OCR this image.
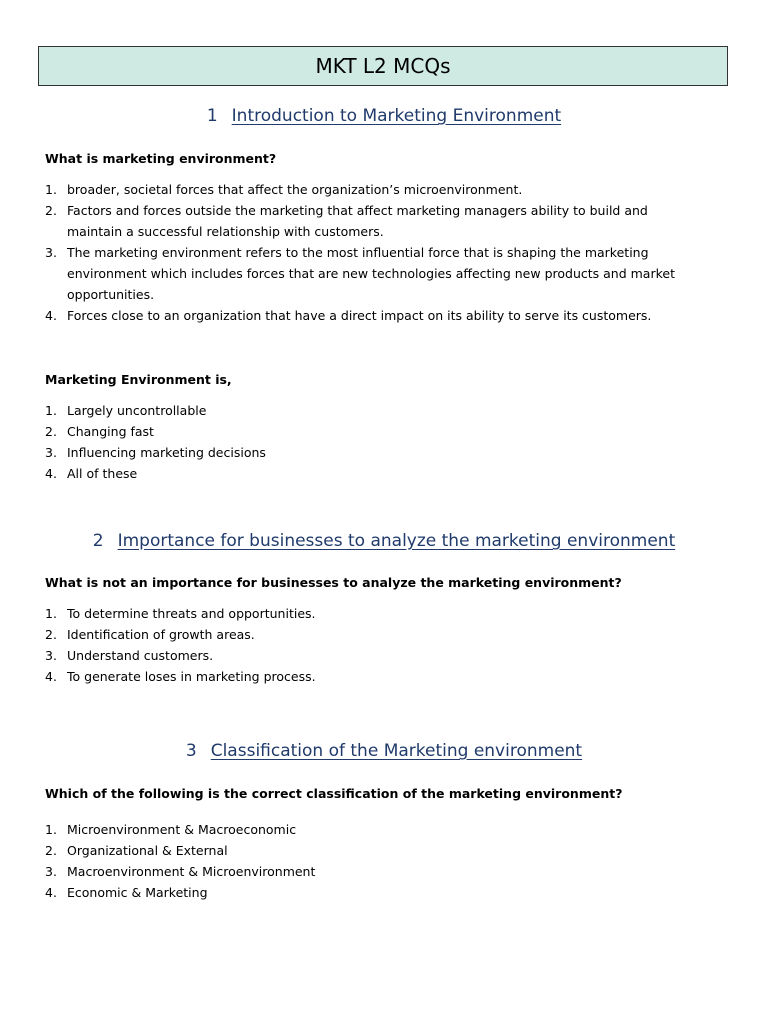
MKT L2 MCQs
1 Introduction to Marketing Environment
What is marketing environment?
1. broader, societal forces that affect the organization’s microenvironment.
2. Factors and forces outside the marketing that affect marketing managers ability to build and maintain a successful relationship with customers.
3. The marketing environment refers to the most influential force that is shaping the marketing environment which includes forces that are new technologies affecting new products and market opportunities.
4. Forces close to an organization that have a direct impact on its ability to serve its customers.
Marketing Environment is,
1. Largely uncontrollable
2. Changing fast
3. Influencing marketing decisions
4. All of these
2 Importance for businesses to analyze the marketing environment
What is not an importance for businesses to analyze the marketing environment?
1. To determine threats and opportunities.
2. Identification of growth areas.
3. Understand customers.
4. To generate loses in marketing process.
3 Classification of the Marketing environment
Which of the following is the correct classification of the marketing environment?
1. Microenvironment & Macroeconomic
2. Organizational & External
3. Macroenvironment & Microenvironment
4. Economic & Marketing
